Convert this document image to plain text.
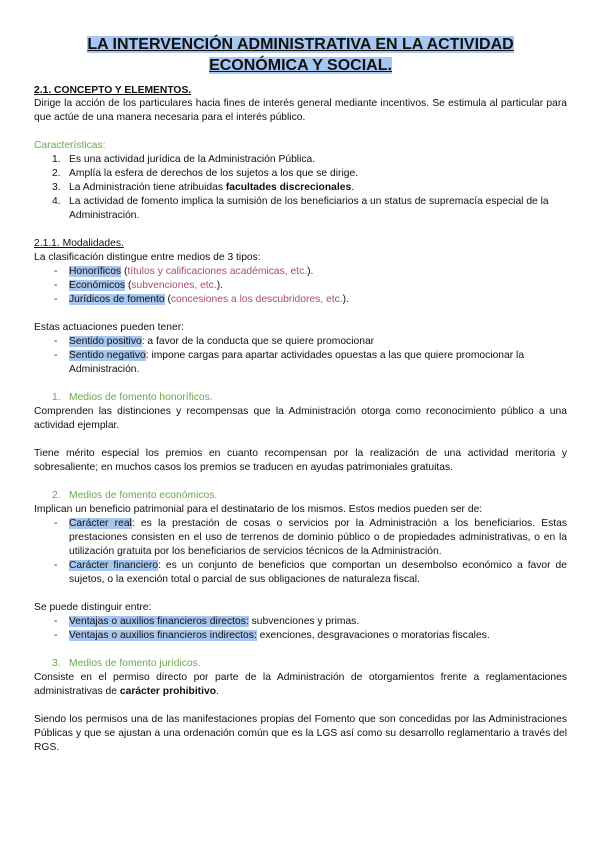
LA INTERVENCIÓN ADMINISTRATIVA EN LA ACTIVIDAD
ECONÓMICA Y SOCIAL.
2.1. CONCEPTO Y ELEMENTOS.

Dirige la acción de los particulares hacia fines de interés general mediante incentivos. Se estimula al particular para que actúe de una manera necesaria para el interés público.

Características:

1. Es una actividad jurídica de la Administración Pública.
2. Amplía la esfera de derechos de los sujetos a los que se dirige.
3. La Administración tiene atribuidas facultades discrecionales.
4. La actividad de fomento implica la sumisión de los beneficiarios a un status de supremacía especial de la Administración.

2.1.1. Modalidades.

La clasificación distingue entre medios de 3 tipos:

- Honoríficos (títulos y calificaciones académicas, etc.).
- Económicos (subvenciones, etc.).
- Jurídicos de fomento (concesiones a los descubridores, etc.).

Estas actuaciones pueden tener:

- Sentido positivo: a favor de la conducta que se quiere promocionar
- Sentido negativo: impone cargas para apartar actividades opuestas a las que quiere promocionar la Administración.

1. Medios de fomento honoríficos.

Comprenden las distinciones y recompensas que la Administración otorga como reconocimiento público a una actividad ejemplar.

Tiene mérito especial los premios en cuanto recompensan por la realización de una actividad meritoria y sobresaliente; en muchos casos los premios se traducen en ayudas patrimoniales gratuitas.

2. Medios de fomento económicos.

Implican un beneficio patrimonial para el destinatario de los mismos. Estos medios pueden ser de:

- Carácter real: es la prestación de cosas o servicios por la Administración a los beneficiarios. Estas prestaciones consisten en el uso de terrenos de dominio público o de propiedades administrativas, o en la utilización gratuita por los beneficiarios de servicios técnicos de la Administración.
- Carácter financiero: es un conjunto de beneficios que comportan un desembolso económico a favor de sujetos, o la exención total o parcial de sus obligaciones de naturaleza fiscal.

Se puede distinguir entre:

- Ventajas o auxilios financieros directos: subvenciones y primas.
- Ventajas o auxilios financieros indirectos: exenciones, desgravaciones o moratorias fiscales.

3. Medios de fomento jurídicos.

Consiste en el permiso directo por parte de la Administración de otorgamientos frente a reglamentaciones administrativas de carácter prohibitivo.

Siendo los permisos una de las manifestaciones propias del Fomento que son concedidas por las Administraciones Públicas y que se ajustan a una ordenación común que es la LGS así como su desarrollo reglamentario a través del RGS.
